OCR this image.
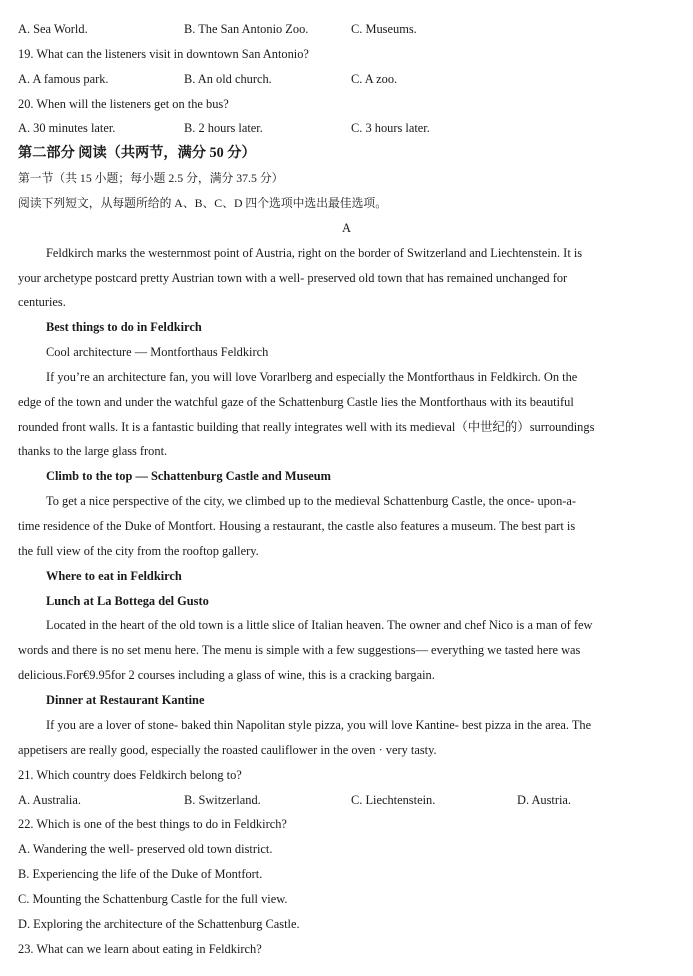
A. Sea World.	B. The San Antonio Zoo.	C. Museums.
19. What can the listeners visit in downtown San Antonio?
A. A famous park.	B. An old church.	C. A zoo.
20. When will the listeners get on the bus?
A. 30 minutes later.	B. 2 hours later.	C. 3 hours later.
第二部分 阅读（共两节，满分 50 分）
第一节（共 15 小题；每小题 2.5 分，满分 37.5 分）
阅读下列短文，从每题所给的 A、B、C、D 四个选项中选出最佳选项。
A
Feldkirch marks the westernmost point of Austria, right on the border of Switzerland and Liechtenstein. It is
your archetype postcard pretty Austrian town with a well- preserved old town that has remained unchanged for
centuries.
Best things to do in Feldkirch
Cool architecture — Montforthaus Feldkirch
If you’re an architecture fan, you will love Vorarlberg and especially the Montforthaus in Feldkirch. On the
edge of the town and under the watchful gaze of the Schattenburg Castle lies the Montforthaus with its beautiful
rounded front walls. It is a fantastic building that really integrates well with its medieval（中世纪的）surroundings
thanks to the large glass front.
Climb to the top — Schattenburg Castle and Museum
To get a nice perspective of the city, we climbed up to the medieval Schattenburg Castle, the once- upon-a-
time residence of the Duke of Montfort. Housing a restaurant, the castle also features a museum. The best part is
the full view of the city from the rooftop gallery.
Where to eat in Feldkirch
Lunch at La Bottega del Gusto
Located in the heart of the old town is a little slice of Italian heaven. The owner and chef Nico is a man of few
words and there is no set menu here. The menu is simple with a few suggestions— everything we tasted here was
delicious.For€9.95for 2 courses including a glass of wine, this is a cracking bargain.
Dinner at Restaurant Kantine
If you are a lover of stone- baked thin Napolitan style pizza, you will love Kantine- best pizza in the area. The
appetisers are really good, especially the roasted cauliflower in the oven · very tasty.
21. Which country does Feldkirch belong to?
A. Australia.	B. Switzerland.	C. Liechtenstein.	D. Austria.
22. Which is one of the best things to do in Feldkirch?
A. Wandering the well- preserved old town district.
B. Experiencing the life of the Duke of Montfort.
C. Mounting the Schattenburg Castle for the full view.
D. Exploring the architecture of the Schattenburg Castle.
23. What can we learn about eating in Feldkirch?
